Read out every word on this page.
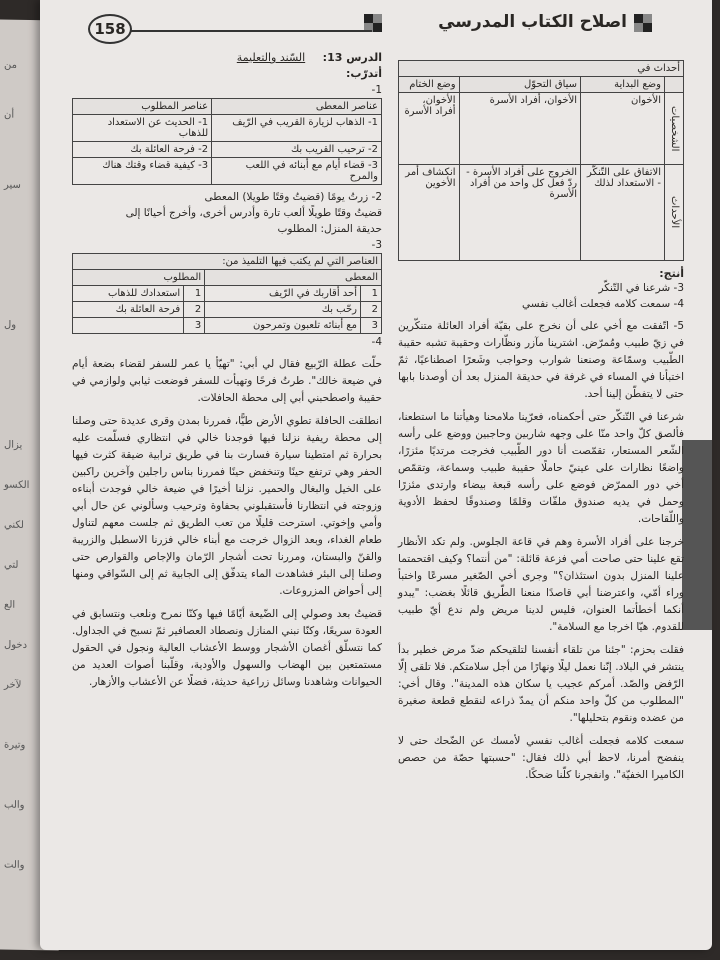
من
أن
سير
ول
يزال
الكسو
لكني
لتي
الع
دخول
لآخر
وتيرة
والب
والت
اصلاح الكتاب المدرسي
158
أحداث في			
	وضع البداية	سياق التحوّل	وضع الختام
الشخصيات	الأخوان	الأخوان، أفراد الأسرة	الأخوان، أفراد الأسرة
الأحداث	الاتفاق على التّنكّر - الاستعداد لذلك	الخروج على أفراد الأسرة - ردّ فعل كل واحد من أفراد الأسرة	انكشاف أمر الأخوين
أنتج:
3- شرعنا في التّنكّر
4- سمعت كلامه فجعلت أغالب نفسي

5- اتّفقت مع أخي على أن نخرج على بقيّة أفراد العائلة متنكّرين في زيّ طبيب ومُمرّض. اشترينا مآزر ونظّارات وحقيبة تشبه حقيبة الطّبيب وسمّاعة وصنعنا شوارب وحواجب وشَعرًا اصطناعيًا، ثمّ اختبأنا في المساء في غرفة في حديقة المنزل بعد أن أوصدنا بابها حتى لا يتفطّن إلينا أحد.

شرعنا في التّنكّر حتى أحكمناه، فعرّينا ملامحنا وهيأتنا ما استطعنا، فألصق كلّ واحد منّا على وجهه شاربين وحاجبين ووضع على رأسه الشّعر المستعار، تقمّصت أنا دور الطّبيب فخرجت مرتديًا مئزرًا، واضعًا نظارات على عينيّ حاملًا حقيبة طبيب وسماعة، وتقمّص أخي دور الممرّض فوضع على رأسه قبعة بيضاء وارتدى مئزرًا وحمل في يديه صندوق ملفّات وقلمًا وصندوقًا لحفظ الأدوية واللّقاحات.

خرجنا على أفراد الأسرة وهم في قاعة الجلوس. ولم تكد الأنظار تقع علينا حتى صاحت أمي فزعة قائلة: "من أنتما؟ وكيف اقتحمتما علينا المنزل بدون استئذان؟" وجرى أخي الصّغير مسرعًا واختبأ وراء أمّي، واعترضنا أبي قاصدًا منعنا الطّريق قائلًا بغضب: "يبدو أنكما أخطأتما العنوان، فليس لدينا مريض ولم ندع أيّ طبيب للقدوم. هيّا اخرجا مع السلامة".

فقلت بحزم: "جئنا من تلقاء أنفسنا لتلقيحكم ضدّ مرض خطير بدأ ينتشر في البلاد. إنّنا نعمل ليلًا ونهارًا من أجل سلامتكم. فلا تلقى إلّا الرّفض والصّد. أمركم عجيب يا سكان هذه المدينة". وقال أخي: "المطلوب من كلّ واحد منكم أن يمدّ ذراعه لنقطع قطعة صغيرة من عضده ونقوم بتحليلها".

سمعت كلامه فجعلت أغالب نفسي لأمسك عن الضّحك حتى لا ينفضح أمرنا، لاحظ أبي ذلك فقال: "حسبتها حصّة من حصص الكاميرا الخفيّة". وانفجرنا كلّنا ضحكًا.

الدرس 13: السّند والتعليمة
أتدرّب:
1-
عناصر المعطى	عناصر المطلوب
1- الذهاب لزيارة القريب في الرّيف	1- الحديث عن الاستعداد للذهاب
2- ترحيب القريب بك	2- فرحة العائلة بك
3- قضاء أيام مع أبنائه في اللعب والمرح	3- كيفية قضاء وقتك هناك
2- زرتُ يومًا (قضيتُ وقتًا طويلا) المعطى
قضيتُ وقتًا طويلًا ألعب تارة وأدرس أخرى، وأخرج أحيانًا إلى
حديقة المنزل: المطلوب
3-
العناصر التي لم يكتب فيها التلميذ من:			
المعطى		المطلوب	
1	أحد أقاربك في الرّيف	1	استعدادك للذهاب
2	رحّب بك	2	فرحة العائلة بك
3	مع أبنائه تلعبون وتمرحون	3	
4-

حلّت عطلة الرّبيع فقال لي أبي: "تهيّأ يا عمر للسفر لقضاء بضعة أيام في ضيعة خالك". طرتُ فرحًا وتهيأت للسفر فوضعت ثيابي ولوازمي في حقيبة واصطحبني أبي إلى محطة الحافلات.

انطلقت الحافلة تطوي الأرض طيًّا، فمررنا بمدن وقرى عديدة حتى وصلنا إلى محطة ريفية نزلنا فيها فوجدنا خالي في انتظاري فسلّمت عليه بحرارة ثم امتطينا سيارة فسارت بنا في طريق ترابية ضيقة كثرت فيها الحفر وهي ترتفع حينًا وتنخفض حينًا فمررنا بناس راجلين وآخرين راكبين على الخيل والبغال والحمير. نزلنا أخيرًا في ضيعة خالي فوجدت أبناءه وزوجته في انتظارنا فأستقبلوني بحفاوة وترحيب وسألوني عن حال أبي وأمي وإخوتي. استرحت قليلًا من تعب الطريق ثم جلست معهم لتناول طعام الغداء، وبعد الزوال خرجت مع أبناء خالي فزرنا الاسطبل والزريبة والقنّ والبستان، ومررنا تحت أشجار الرّمان والإجاص والقوارص حتى وصلنا إلى البئر فشاهدت الماء يتدفّق إلى الجابية ثم إلى السّواقي ومنها إلى أحواض المزروعات.

قضيتُ بعد وصولي إلى الضّيعة أيّامًا فيها وكنّا نمرح ونلعب ونتسابق في العودة سريعًا، وكنّا نبني المنازل ونصطاد العصافير ثمّ نسبح في الجداول. كما نتسلّق أغصان الأشجار ووسط الأعشاب العالية ونجول في الحقول مستمتعين بين الهضاب والسهول والأودية، وقلّبنا أصوات العديد من الحيوانات وشاهدنا وسائل زراعية حديثة، فضلًا عن الأعشاب والأزهار.
